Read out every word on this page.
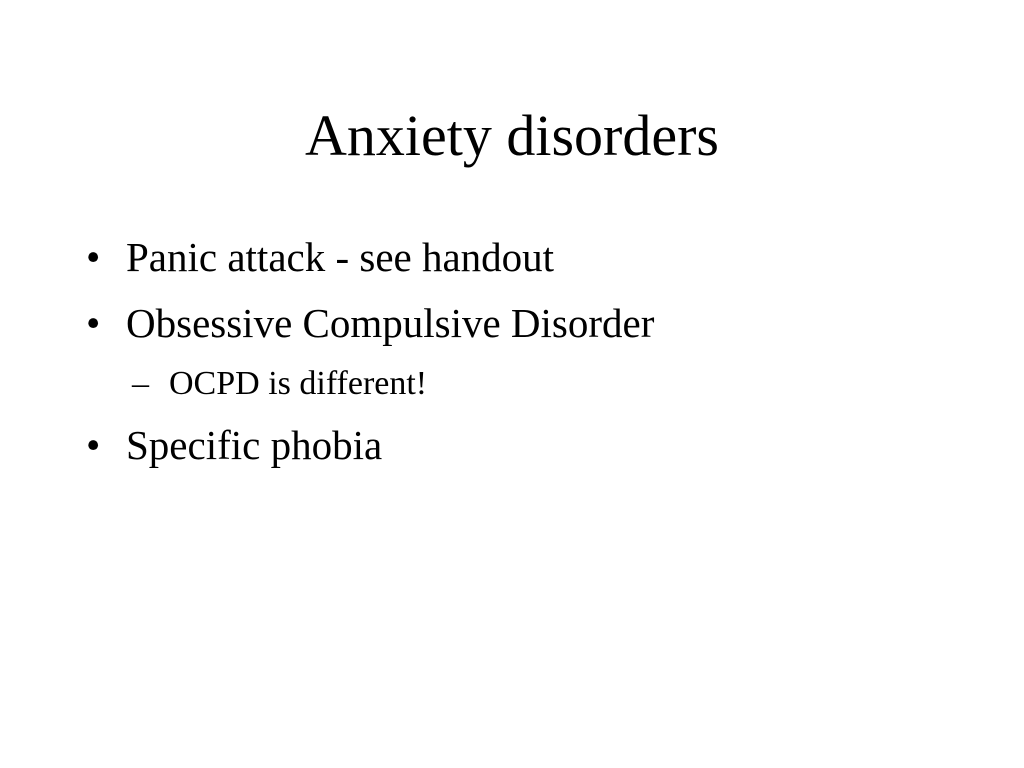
Anxiety disorders
• Panic attack - see handout
• Obsessive Compulsive Disorder
– OCPD is different!
• Specific phobia
